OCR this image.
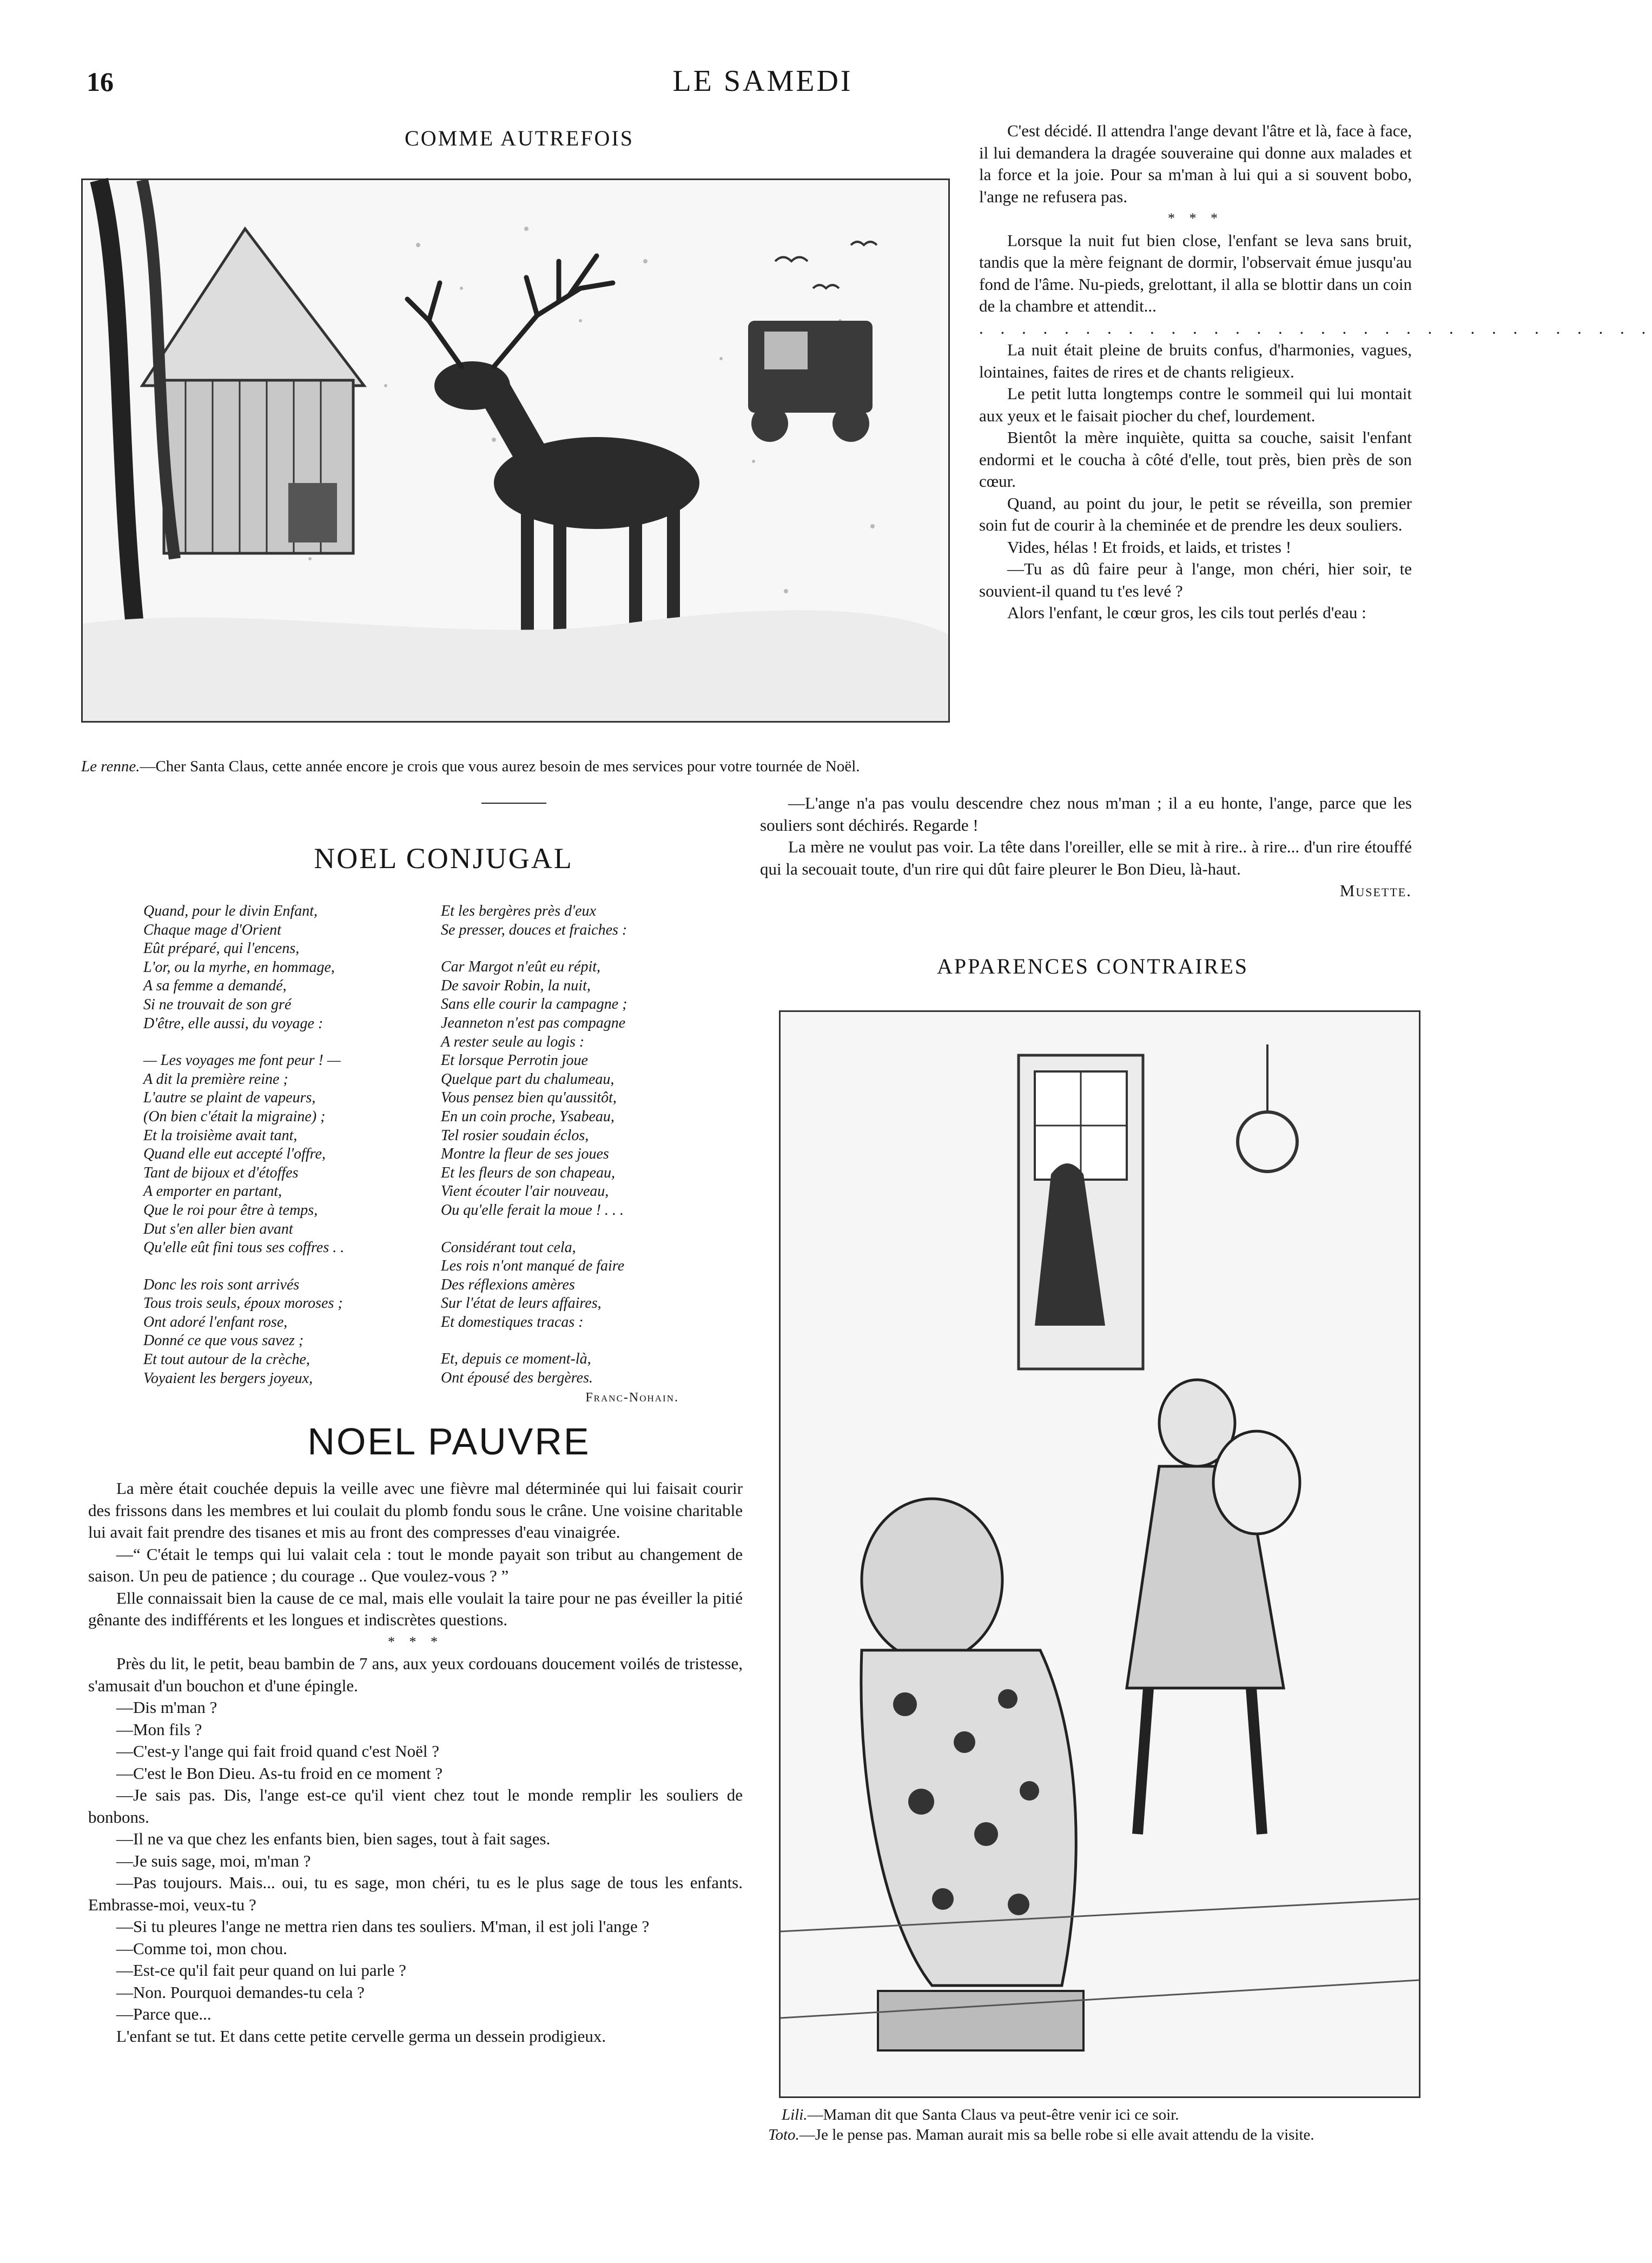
16	LE SAMEDI
COMME AUTREFOIS
Le renne.—Cher Santa Claus, cette année encore je crois que vous aurez besoin de mes services pour votre tournée de Noël.
NOEL CONJUGAL
Quand, pour le divin Enfant,
Chaque mage d'Orient
Eût préparé, qui l'encens,
L'or, ou la myrhe, en hommage,
A sa femme a demandé,
Si ne trouvait de son gré
D'être, elle aussi, du voyage :
— Les voyages me font peur ! —
A dit la première reine ;
L'autre se plaint de vapeurs,
(On bien c'était la migraine) ;
Et la troisième avait tant,
Quand elle eut accepté l'offre,
Tant de bijoux et d'étoffes
A emporter en partant,
Que le roi pour être à temps,
Dut s'en aller bien avant
Qu'elle eût fini tous ses coffres . .
Donc les rois sont arrivés
Tous trois seuls, époux moroses ;
Ont adoré l'enfant rose,
Donné ce que vous savez ;
Et tout autour de la crèche,
Voyaient les bergers joyeux,
Et les bergères près d'eux
Se presser, douces et fraiches :
Car Margot n'eût eu répit,
De savoir Robin, la nuit,
Sans elle courir la campagne ;
Jeanneton n'est pas compagne
A rester seule au logis :
Et lorsque Perrotin joue
Quelque part du chalumeau,
Vous pensez bien qu'aussitôt,
En un coin proche, Ysabeau,
Tel rosier soudain éclos,
Montre la fleur de ses joues
Et les fleurs de son chapeau,
Vient écouter l'air nouveau,
Ou qu'elle ferait la moue ! . . .
Considérant tout cela,
Les rois n'ont manqué de faire
Des réflexions amères
Sur l'état de leurs affaires,
Et domestiques tracas :
Et, depuis ce moment-là,
Ont épousé des bergères.
Franc-Nohain.
NOEL PAUVRE

La mère était couchée depuis la veille avec une fièvre mal déterminée qui lui faisait courir des frissons dans les membres et lui coulait du plomb fondu sous le crâne. Une voisine charitable lui avait fait prendre des tisanes et mis au front des compresses d'eau vinaigrée.

—“ C'était le temps qui lui valait cela : tout le monde payait son tribut au changement de saison. Un peu de patience ; du courage .. Que voulez-vous ? ”

Elle connaissait bien la cause de ce mal, mais elle voulait la taire pour ne pas éveiller la pitié gênante des indifférents et les longues et indiscrètes questions.

* * *

Près du lit, le petit, beau bambin de 7 ans, aux yeux cordouans doucement voilés de tristesse, s'amusait d'un bouchon et d'une épingle.

—Dis m'man ?

—Mon fils ?

—C'est-y l'ange qui fait froid quand c'est Noël ?

—C'est le Bon Dieu. As-tu froid en ce moment ?

—Je sais pas. Dis, l'ange est-ce qu'il vient chez tout le monde remplir les souliers de bonbons.

—Il ne va que chez les enfants bien, bien sages, tout à fait sages.

—Je suis sage, moi, m'man ?

—Pas toujours. Mais... oui, tu es sage, mon chéri, tu es le plus sage de tous les enfants. Embrasse-moi, veux-tu ?

—Si tu pleures l'ange ne mettra rien dans tes souliers. M'man, il est joli l'ange ?

—Comme toi, mon chou.

—Est-ce qu'il fait peur quand on lui parle ?

—Non. Pourquoi demandes-tu cela ?

—Parce que...

L'enfant se tut. Et dans cette petite cervelle germa un dessein prodigieux.

C'est décidé. Il attendra l'ange devant l'âtre et là, face à face, il lui demandera la dragée souveraine qui donne aux malades et la force et la joie. Pour sa m'man à lui qui a si souvent bobo, l'ange ne refusera pas.

* * *

Lorsque la nuit fut bien close, l'enfant se leva sans bruit, tandis que la mère feignant de dormir, l'observait émue jusqu'au fond de l'âme. Nu-pieds, grelottant, il alla se blottir dans un coin de la chambre et attendit...

. . . . . . . . . . . . . . . . . . . . . . . . . . . . . . . .

La nuit était pleine de bruits confus, d'harmonies, vagues, lointaines, faites de rires et de chants religieux.

Le petit lutta longtemps contre le sommeil qui lui montait aux yeux et le faisait piocher du chef, lourdement.

Bientôt la mère inquiète, quitta sa couche, saisit l'enfant endormi et le coucha à côté d'elle, tout près, bien près de son cœur.

Quand, au point du jour, le petit se réveilla, son premier soin fut de courir à la cheminée et de prendre les deux souliers.

Vides, hélas ! Et froids, et laids, et tristes !

—Tu as dû faire peur à l'ange, mon chéri, hier soir, te souvient-il quand tu t'es levé ?

Alors l'enfant, le cœur gros, les cils tout perlés d'eau :

—L'ange n'a pas voulu descendre chez nous m'man ; il a eu honte, l'ange, parce que les souliers sont déchirés. Regarde !

La mère ne voulut pas voir. La tête dans l'oreiller, elle se mit à rire.. à rire... d'un rire étouffé qui la secouait toute, d'un rire qui dût faire pleurer le Bon Dieu, là-haut.

Musette.

APPARENCES CONTRAIRES
Lili.—Maman dit que Santa Claus va peut-être venir ici ce soir.
Toto.—Je le pense pas. Maman aurait mis sa belle robe si elle avait attendu de la visite.
